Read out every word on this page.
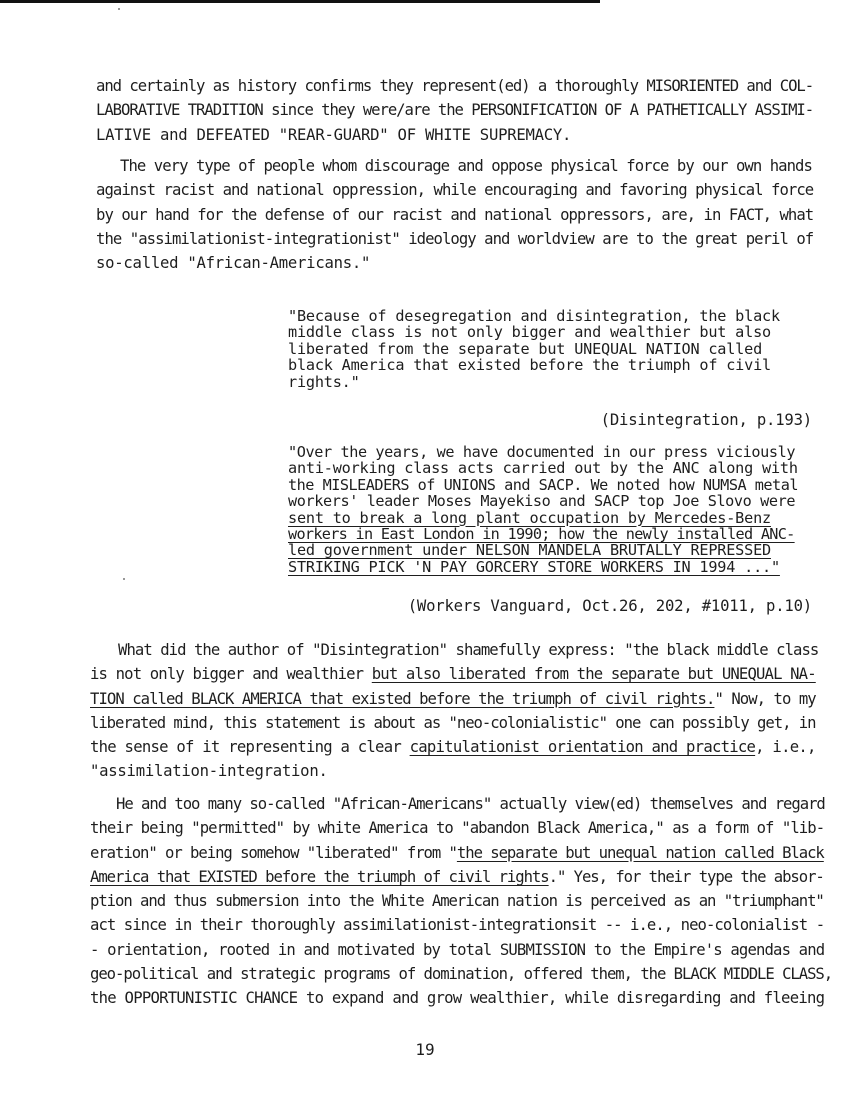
and certainly as history confirms they represent(ed) a thoroughly MISORIENTED and COL-
LABORATIVE TRADITION since they were/are the PERSONIFICATION OF A PATHETICALLY ASSIMI-
LATIVE and DEFEATED "REAR-GUARD" OF WHITE SUPREMACY.
The very type of people whom discourage and oppose physical force by our own hands
against racist and national oppression, while encouraging and favoring physical force
by our hand for the defense of our racist and national oppressors, are, in FACT, what
the "assimilationist-integrationist" ideology and worldview are to the great peril of
so-called "African-Americans."
"Because of desegregation and disintegration, the black
middle class is not only bigger and wealthier but also
liberated from the separate but UNEQUAL NATION called
black America that existed before the triumph of civil
rights."
(Disintegration, p.193)
"Over the years, we have documented in our press viciously
anti-working class acts carried out by the ANC along with
the MISLEADERS of UNIONS and SACP. We noted how NUMSA metal
workers' leader Moses Mayekiso and SACP top Joe Slovo were
sent to break a long plant occupation by Mercedes-Benz
workers in East London in 1990; how the newly installed ANC-
led government under NELSON MANDELA BRUTALLY REPRESSED
STRIKING PICK 'N PAY GORCERY STORE WORKERS IN 1994 ..."
(Workers Vanguard, Oct.26, 202, #1011, p.10)
What did the author of "Disintegration" shamefully express: "the black middle class
is not only bigger and wealthier but also liberated from the separate but UNEQUAL NA-
TION called BLACK AMERICA that existed before the triumph of civil rights." Now, to my
liberated mind, this statement is about as "neo-colonialistic" one can possibly get, in
the sense of it representing a clear capitulationist orientation and practice, i.e.,
"assimilation-integration.
He and too many so-called "African-Americans" actually view(ed) themselves and regard
their being "permitted" by white America to "abandon Black America," as a form of "lib-
eration" or being somehow "liberated" from "the separate but unequal nation called Black
America that EXISTED before the triumph of civil rights." Yes, for their type the absor-
ption and thus submersion into the White American nation is perceived as an "triumphant"
act since in their thoroughly assimilationist-integrationsit -- i.e., neo-colonialist -
- orientation, rooted in and motivated by total SUBMISSION to the Empire's agendas and
geo-political and strategic programs of domination, offered them, the BLACK MIDDLE CLASS,
the OPPORTUNISTIC CHANCE to expand and grow wealthier, while disregarding and fleeing
19
